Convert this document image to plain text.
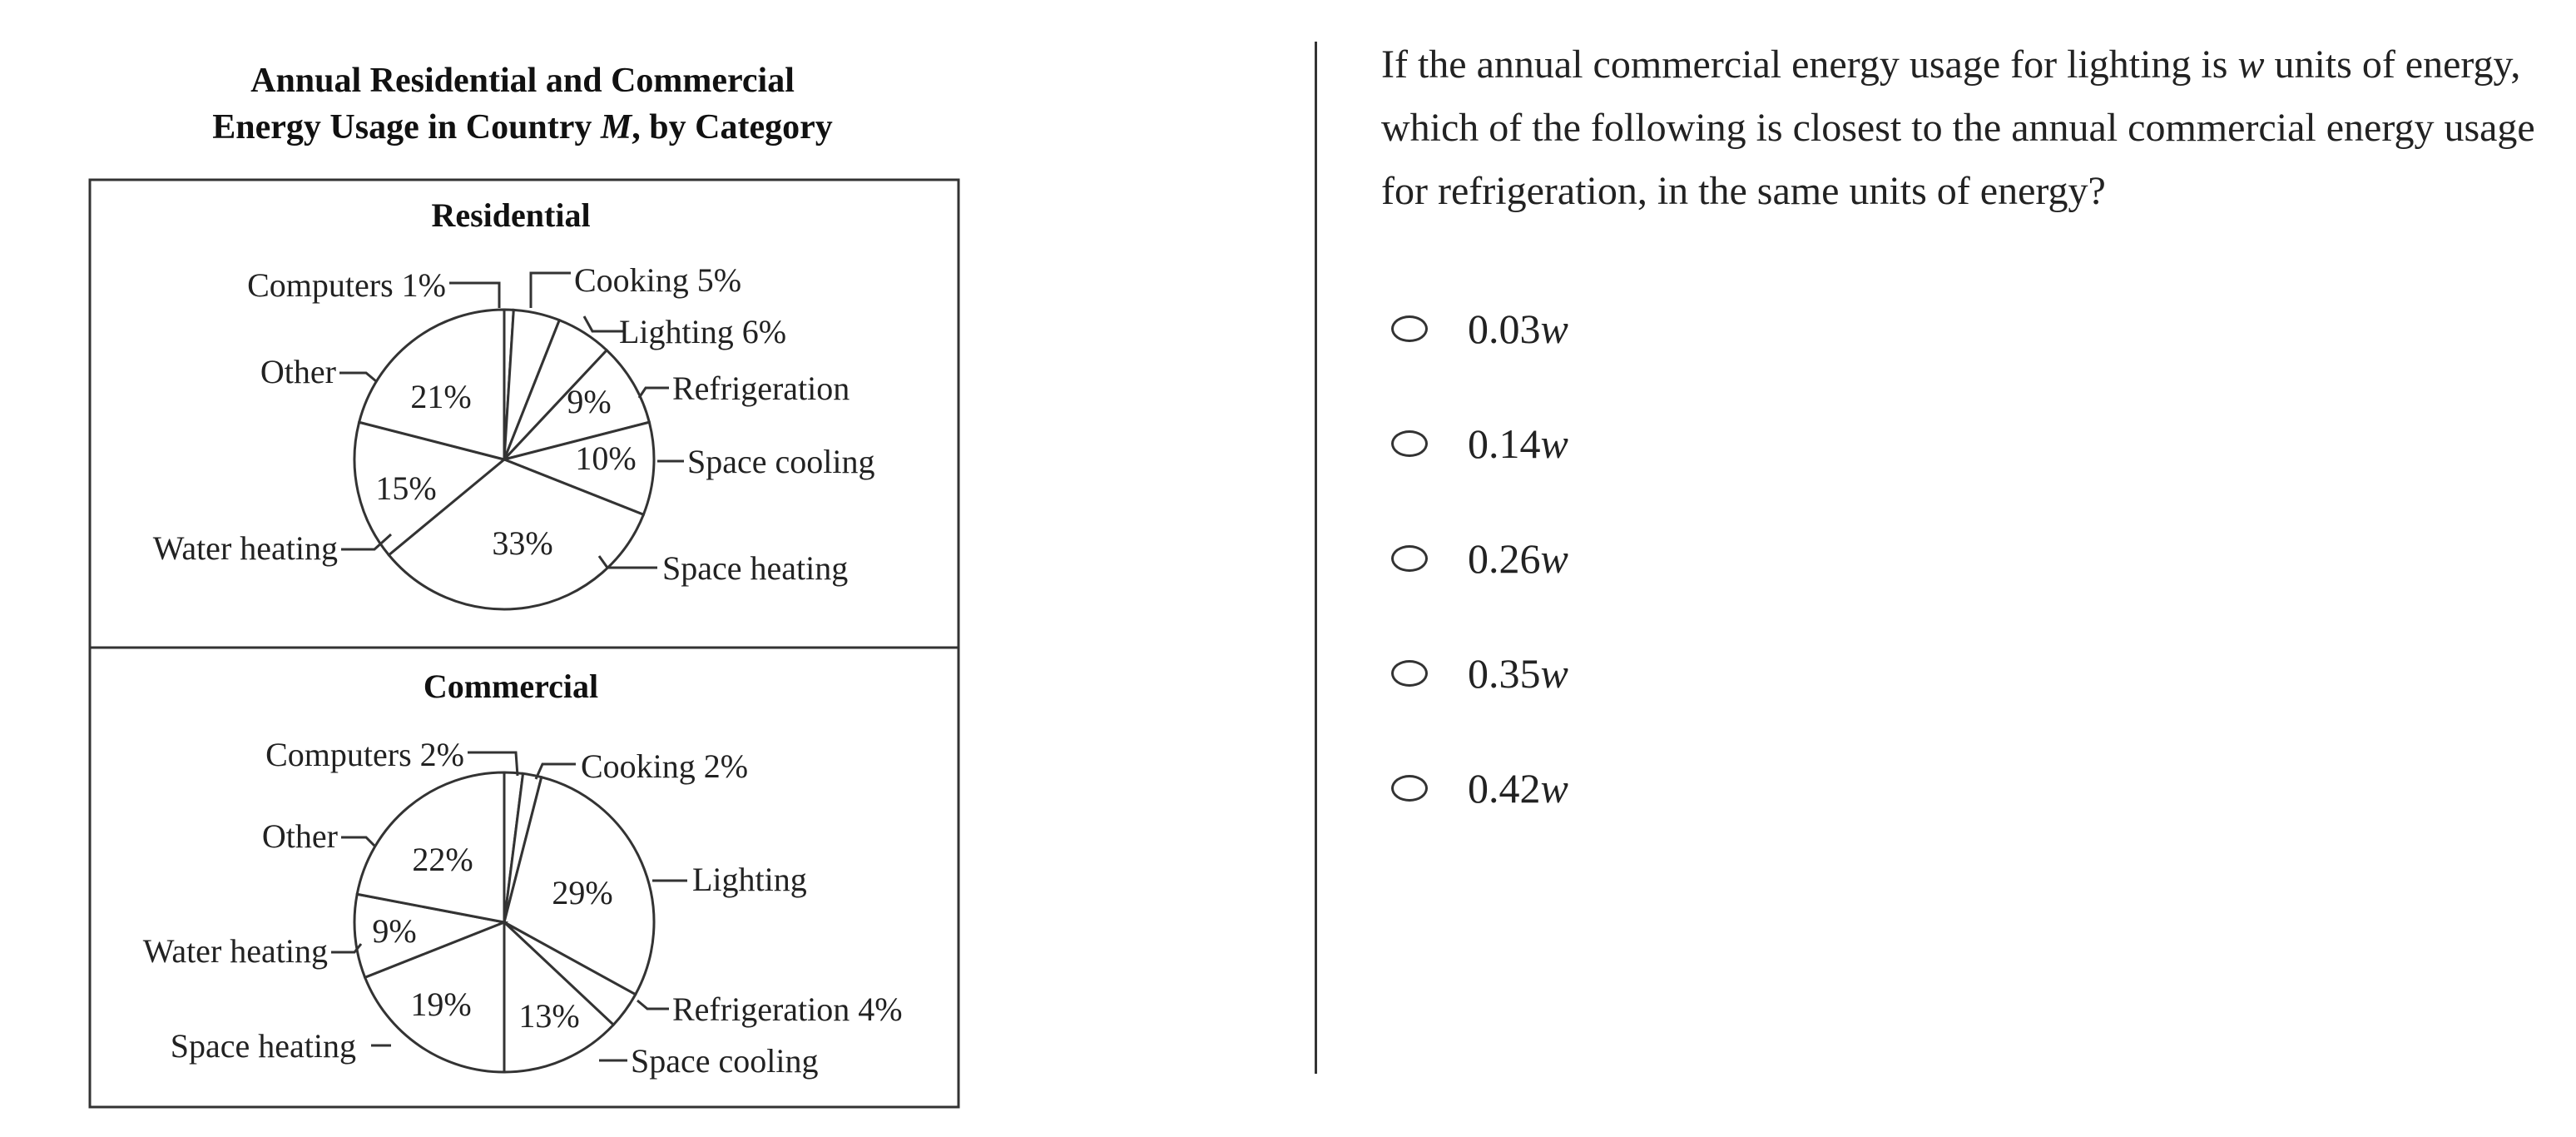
Annual Residential and Commercial
Energy Usage in Country M, by Category
Residential
Commercial
Computers 1%	Cooking 5%
Lighting 6%
Other	Refrigeration
Space cooling
Water heating
Space heating
21%	9%
10%
15%
33%
Computers 2%	Cooking 2%
Other
Lighting
Water heating
Refrigeration 4%
Space heating	Space cooling
22%
29%
9%
19% 13%

If the annual commercial energy usage for lighting is w units of energy, which of the following is closest to the annual commercial energy usage for refrigeration, in the same units of energy?

0.03w
0.14w
0.26w
0.35w
0.42w
